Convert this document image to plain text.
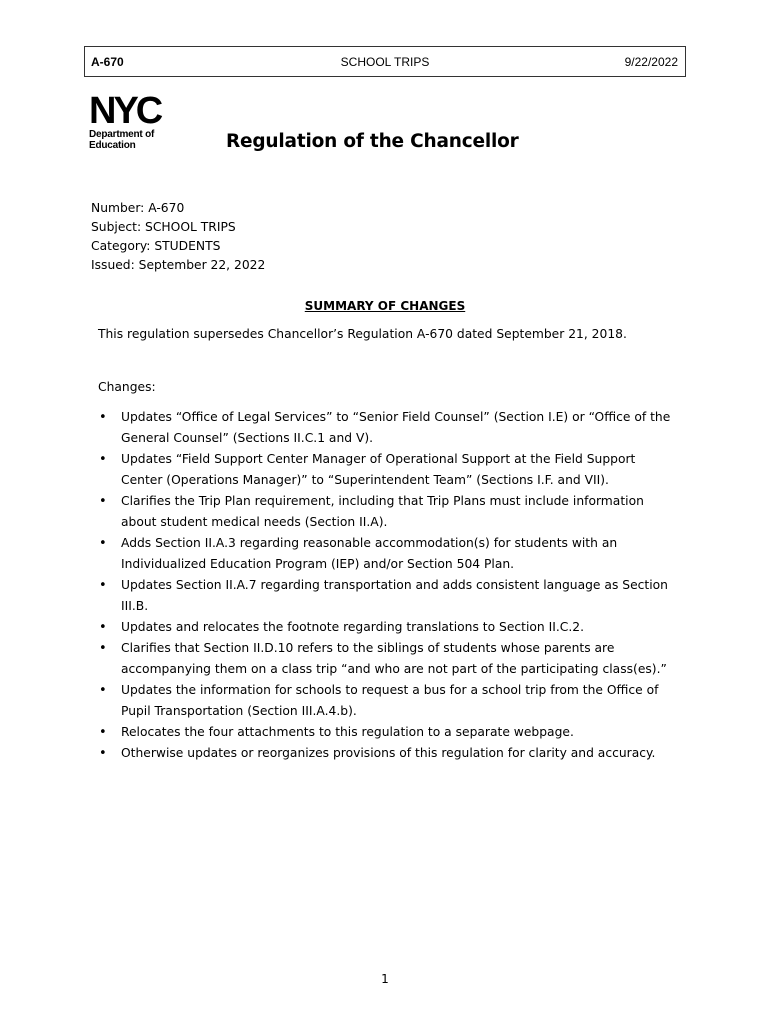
A-670	SCHOOL TRIPS	9/22/2022
NYC
Department of
Education	Regulation of the Chancellor
Number: A-670
Subject: SCHOOL TRIPS
Category: STUDENTS
Issued: September 22, 2022
SUMMARY OF CHANGES
This regulation supersedes Chancellor’s Regulation A-670 dated September 21, 2018.
Changes:
• Updates “Office of Legal Services” to “Senior Field Counsel” (Section I.E) or “Office of the General Counsel” (Sections II.C.1 and V).
• Updates “Field Support Center Manager of Operational Support at the Field Support Center (Operations Manager)” to “Superintendent Team” (Sections I.F. and VII).
• Clarifies the Trip Plan requirement, including that Trip Plans must include information about student medical needs (Section II.A).
• Adds Section II.A.3 regarding reasonable accommodation(s) for students with an Individualized Education Program (IEP) and/or Section 504 Plan.
• Updates Section II.A.7 regarding transportation and adds consistent language as Section III.B.
• Updates and relocates the footnote regarding translations to Section II.C.2.
• Clarifies that Section II.D.10 refers to the siblings of students whose parents are accompanying them on a class trip “and who are not part of the participating class(es).”
• Updates the information for schools to request a bus for a school trip from the Office of Pupil Transportation (Section III.A.4.b).
• Relocates the four attachments to this regulation to a separate webpage.
• Otherwise updates or reorganizes provisions of this regulation for clarity and accuracy.
1
